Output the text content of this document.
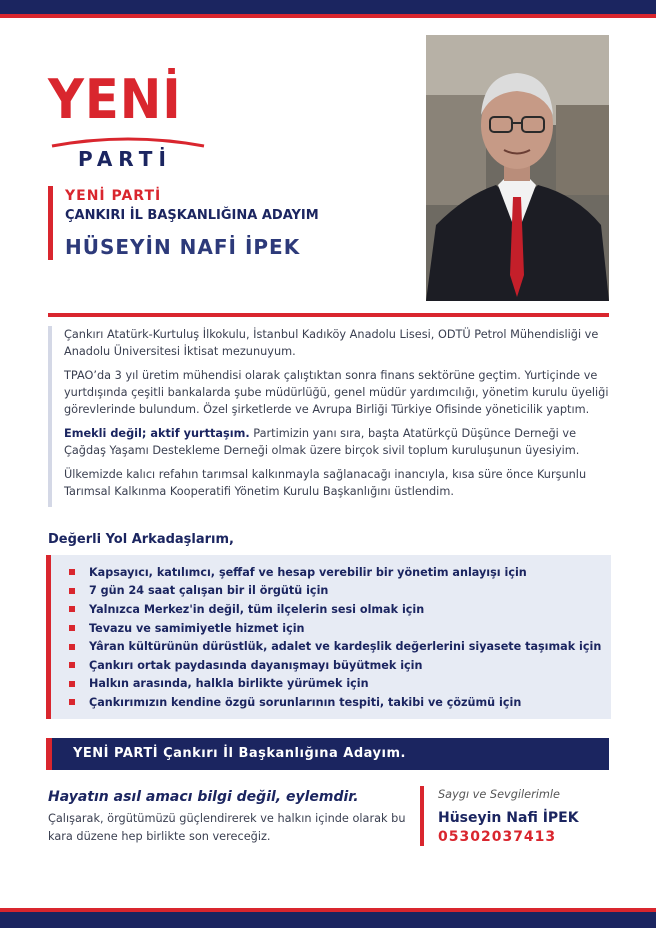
YENİ
PARTİ
YENİ PARTİ
ÇANKIRI İL BAŞKANLIĞINA ADAYIM
HÜSEYİN NAFİ İPEK

Çankırı Atatürk-Kurtuluş İlkokulu, İstanbul Kadıköy Anadolu Lisesi, ODTÜ Petrol Mühendisliği ve Anadolu Üniversitesi İktisat mezunuyum.

TPAO’da 3 yıl üretim mühendisi olarak çalıştıktan sonra finans sektörüne geçtim. Yurtiçinde ve yurtdışında çeşitli bankalarda şube müdürlüğü, genel müdür yardımcılığı, yönetim kurulu üyeliği görevlerinde bulundum. Özel şirketlerde ve Avrupa Birliği Türkiye Ofisinde yöneticilik yaptım.

Emekli değil; aktif yurttaşım. Partimizin yanı sıra, başta Atatürkçü Düşünce Derneği ve Çağdaş Yaşamı Destekleme Derneği olmak üzere birçok sivil toplum kuruluşunun üyesiyim.

Ülkemizde kalıcı refahın tarımsal kalkınmayla sağlanacağı inancıyla, kısa süre önce Kurşunlu Tarımsal Kalkınma Kooperatifi Yönetim Kurulu Başkanlığını üstlendim.

Değerli Yol Arkadaşlarım,
Kapsayıcı, katılımcı, şeffaf ve hesap verebilir bir yönetim anlayışı için
7 gün 24 saat çalışan bir il örgütü için
Yalnızca Merkez'in değil, tüm ilçelerin sesi olmak için
Tevazu ve samimiyetle hizmet için
Yâran kültürünün dürüstlük, adalet ve kardeşlik değerlerini siyasete taşımak için
Çankırı ortak paydasında dayanışmayı büyütmek için
Halkın arasında, halkla birlikte yürümek için
Çankırımızın kendine özgü sorunlarının tespiti, takibi ve çözümü için
YENİ PARTİ Çankırı İl Başkanlığına Adayım.
Hayatın asıl amacı bilgi değil, eylemdir.
Çalışarak, örgütümüzü güçlendirerek ve halkın içinde olarak bu kara düzene hep birlikte son vereceğiz.
Saygı ve Sevgilerimle
Hüseyin Nafi İPEK
05302037413
